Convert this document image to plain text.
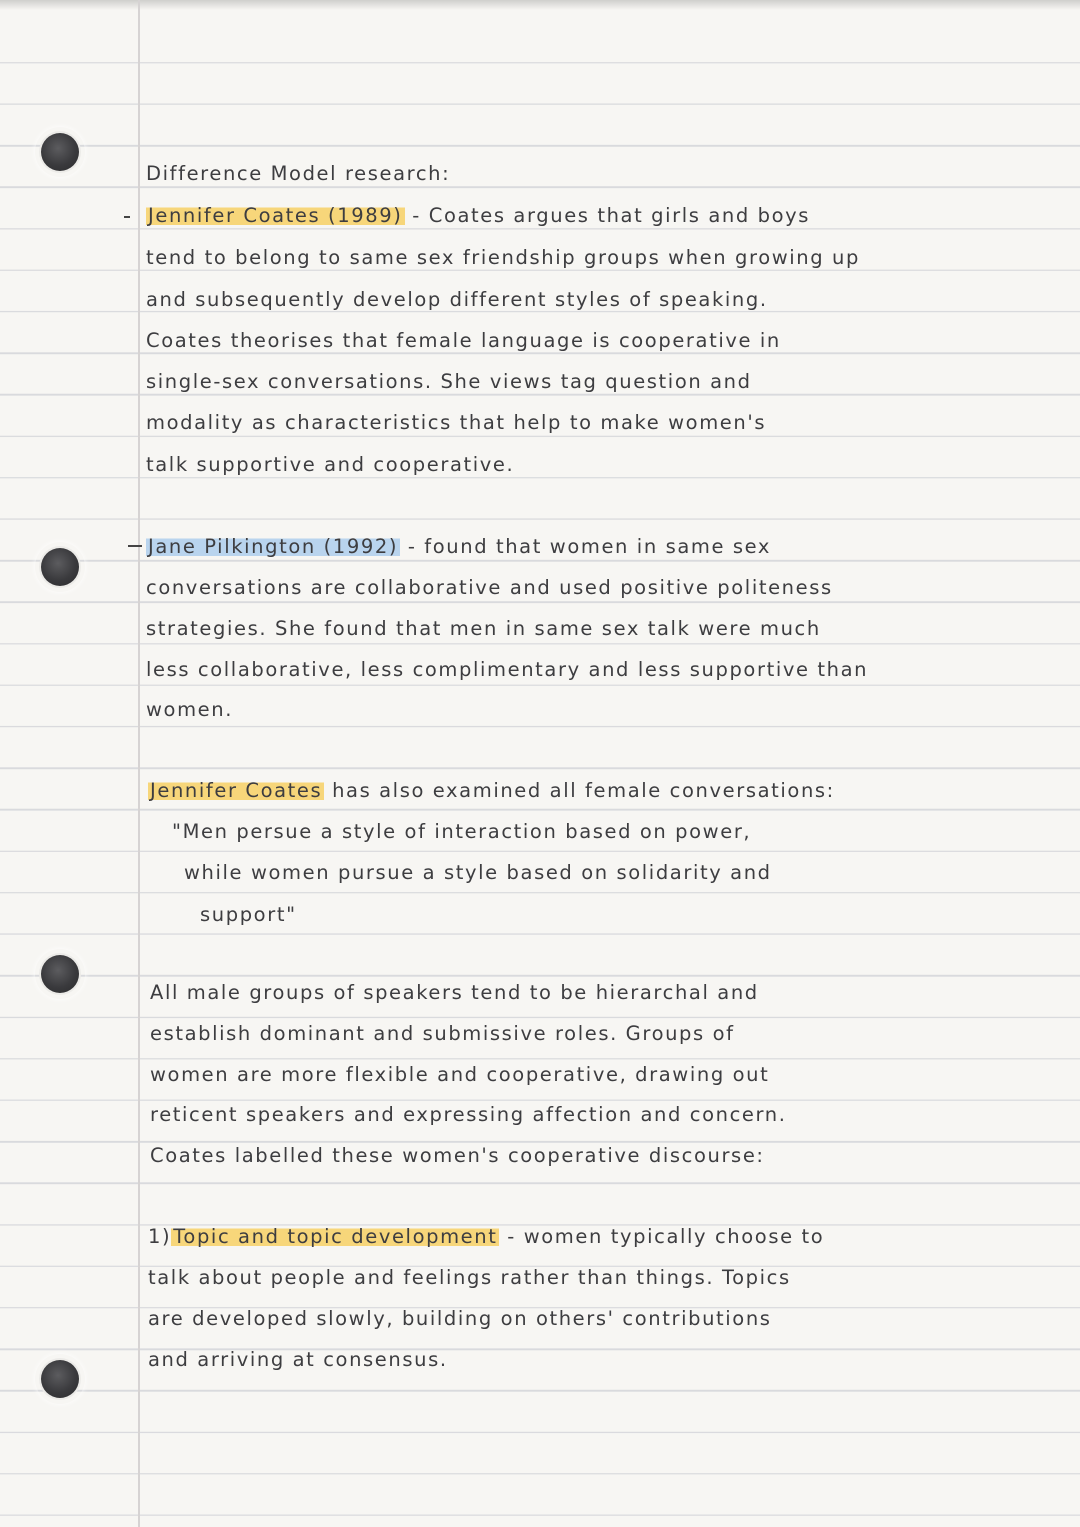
Difference Model research:
Jennifer Coates (1989) - Coates argues that girls and boys
tend to belong to same sex friendship groups when growing up
and subsequently develop different styles of speaking.
Coates theorises that female language is cooperative in
single-sex conversations. She views tag question and
modality as characteristics that help to make women's
talk supportive and cooperative.
Jane Pilkington (1992) - found that women in same sex
conversations are collaborative and used positive politeness
strategies. She found that men in same sex talk were much
less collaborative, less complimentary and less supportive than
women.
Jennifer Coates has also examined all female conversations:
"Men persue a style of interaction based on power,
while women pursue a style based on solidarity and
support"
All male groups of speakers tend to be hierarchal and
establish dominant and submissive roles. Groups of
women are more flexible and cooperative, drawing out
reticent speakers and expressing affection and concern.
Coates labelled these women's cooperative discourse:
1) Topic and topic development - women typically choose to
talk about people and feelings rather than things. Topics
are developed slowly, building on others' contributions
and arriving at consensus.
